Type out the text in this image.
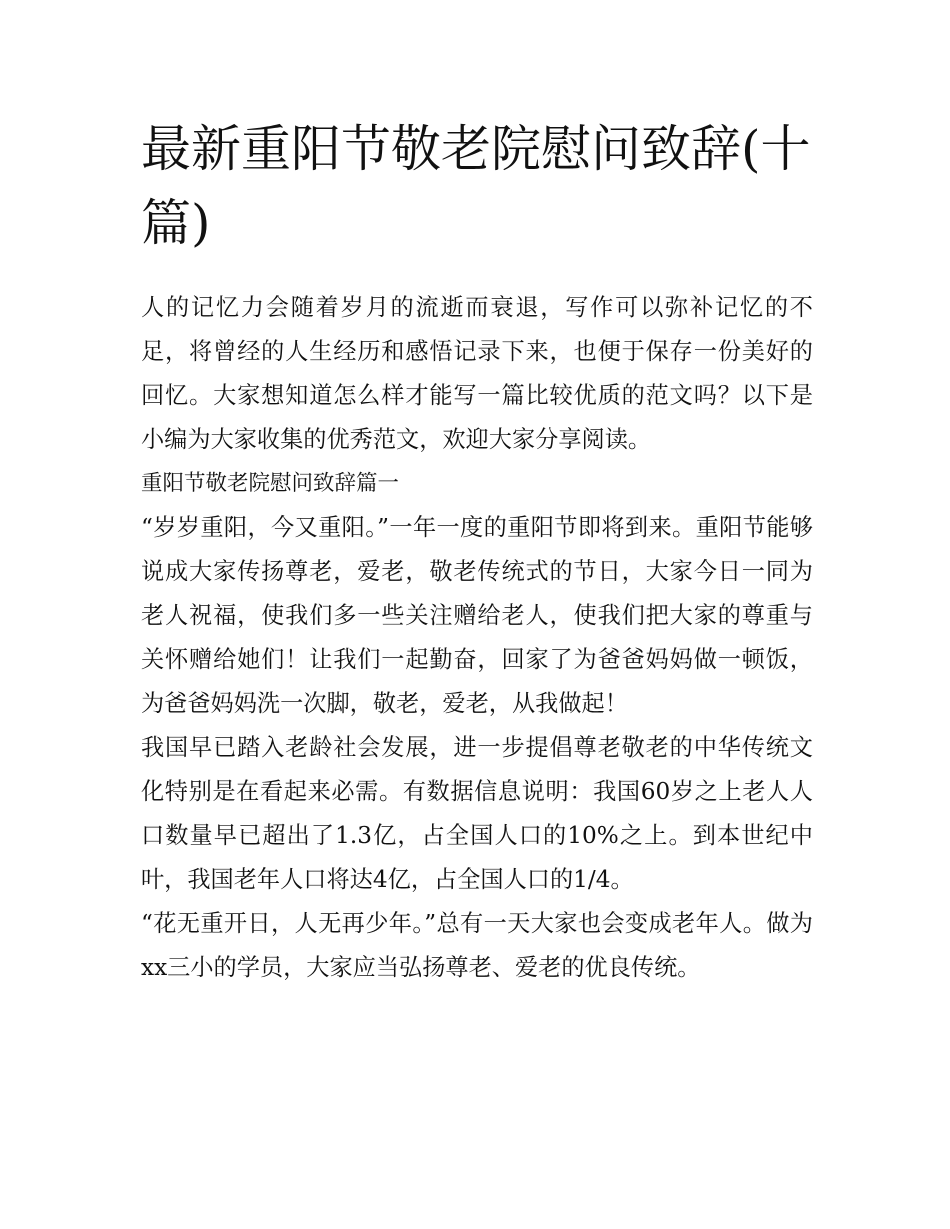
最新重阳节敬老院慰问致辞(十篇)

人的记忆力会随着岁月的流逝而衰退，写作可以弥补记忆的不足，将曾经的人生经历和感悟记录下来，也便于保存一份美好的回忆。大家想知道怎么样才能写一篇比较优质的范文吗？以下是小编为大家收集的优秀范文，欢迎大家分享阅读。

重阳节敬老院慰问致辞篇一

“岁岁重阳，今又重阳。”一年一度的重阳节即将到来。重阳节能够说成大家传扬尊老，爱老，敬老传统式的节日，大家今日一同为老人祝福，使我们多一些关注赠给老人，使我们把大家的尊重与关怀赠给她们！让我们一起勤奋，回家了为爸爸妈妈做一顿饭，为爸爸妈妈洗一次脚，敬老，爱老，从我做起！

我国早已踏入老龄社会发展，进一步提倡尊老敬老的中华传统文化特别是在看起来必需。有数据信息说明：我国60岁之上老人人口数量早已超出了1.3亿，占全国人口的10%之上。到本世纪中叶，我国老年人口将达4亿，占全国人口的1/4。

“花无重开日，人无再少年。”总有一天大家也会变成老年人。做为xx三小的学员，大家应当弘扬尊老、爱老的优良传统。
